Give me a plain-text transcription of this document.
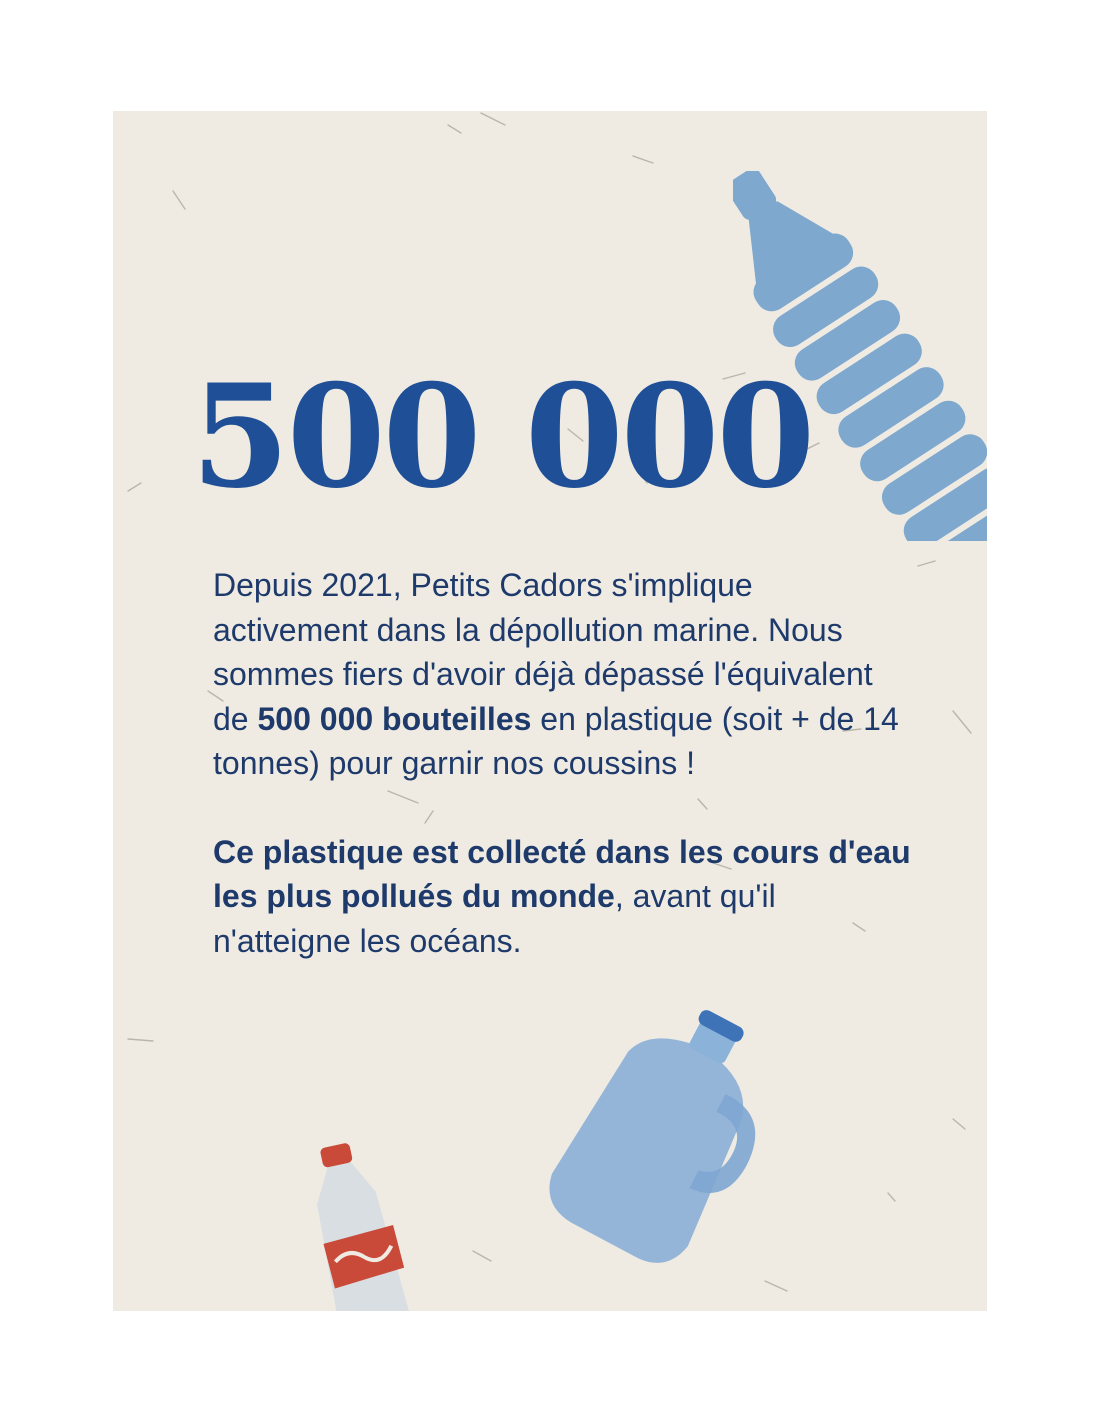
500 000

Depuis 2021, Petits Cadors s'implique activement dans la dépollution marine. Nous sommes fiers d'avoir déjà dépassé l'équivalent de 500 000 bouteilles en plastique (soit + de 14 tonnes) pour garnir nos coussins !

Ce plastique est collecté dans les cours d'eau les plus pollués du monde, avant qu'il n'atteigne les océans.
